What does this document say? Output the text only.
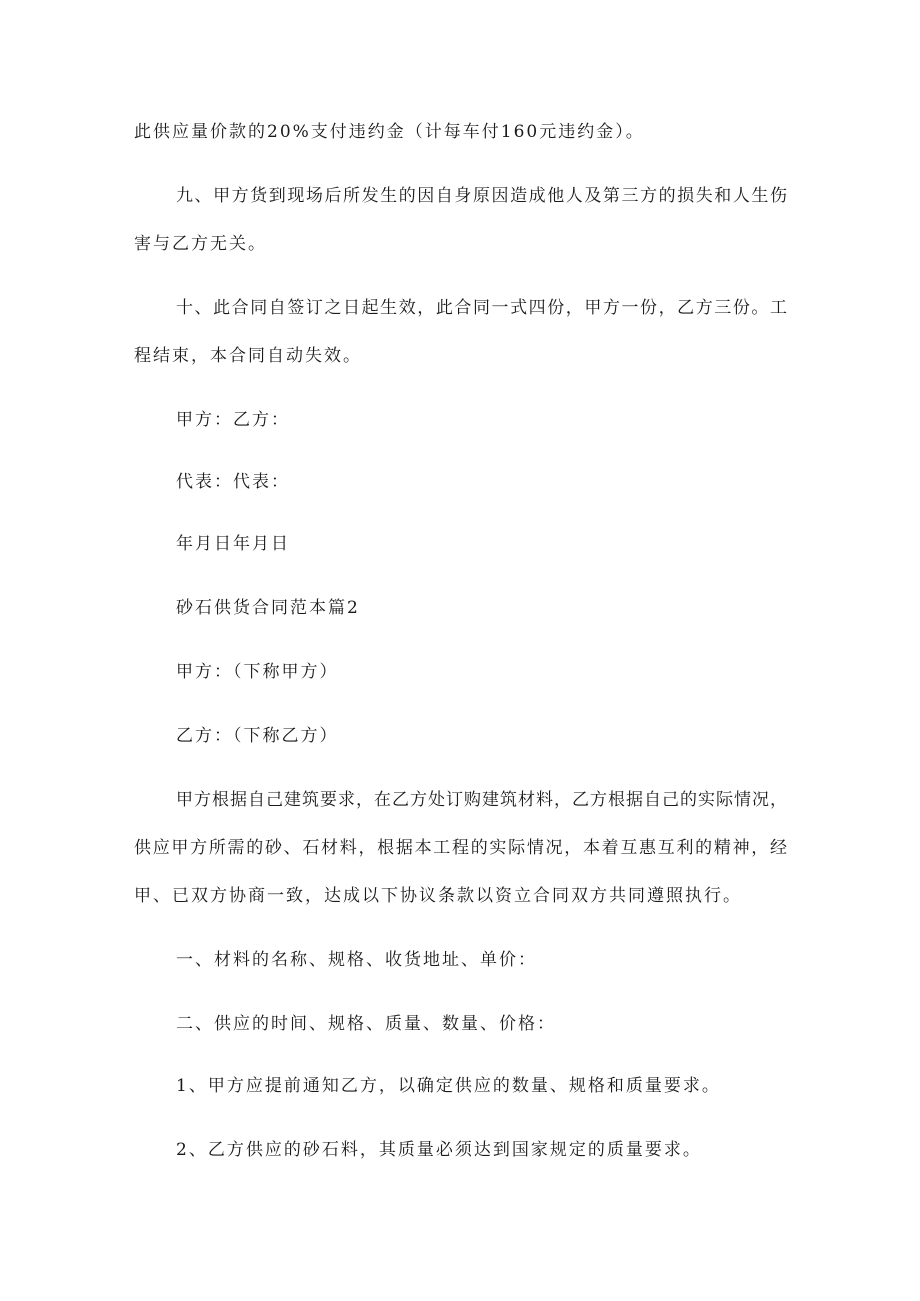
此供应量价款的20%支付违约金（计每车付160元违约金）。
九、甲方货到现场后所发生的因自身原因造成他人及第三方的损失和人生伤
害与乙方无关。
十、此合同自签订之日起生效，此合同一式四份，甲方一份，乙方三份。工
程结束，本合同自动失效。
甲方：乙方：
代表：代表：
年月日年月日
砂石供货合同范本篇2
甲方：（下称甲方）
乙方：（下称乙方）
甲方根据自己建筑要求，在乙方处订购建筑材料，乙方根据自己的实际情况，
供应甲方所需的砂、石材料，根据本工程的实际情况，本着互惠互利的精神，经
甲、已双方协商一致，达成以下协议条款以资立合同双方共同遵照执行。
一、材料的名称、规格、收货地址、单价：
二、供应的时间、规格、质量、数量、价格：
1、甲方应提前通知乙方，以确定供应的数量、规格和质量要求。
2、乙方供应的砂石料，其质量必须达到国家规定的质量要求。
